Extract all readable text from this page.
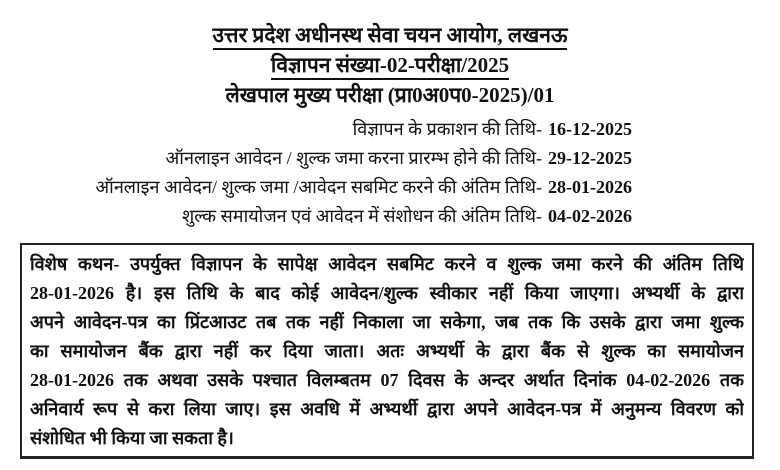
उत्तर प्रदेश अधीनस्थ सेवा चयन आयोग, लखनऊ
विज्ञापन संख्या-02-परीक्षा/2025
लेखपाल मुख्य परीक्षा (प्रा0अ0प0-2025)/01
विज्ञापन के प्रकाशन की तिथि- 16-12-2025
ऑनलाइन आवेदन / शुल्क जमा करना प्रारम्भ होने की तिथि- 29-12-2025
ऑनलाइन आवेदन/ शुल्क जमा /आवेदन सबमिट करने की अंतिम तिथि- 28-01-2026
शुल्क समायोजन एवं आवेदन में संशोधन की अंतिम तिथि- 04-02-2026
विशेष कथन- उपर्युक्त विज्ञापन के सापेक्ष आवेदन सबमिट करने व शुल्क जमा करने की अंतिम तिथि
28-01-2026 है। इस तिथि के बाद कोई आवेदन/शुल्क स्वीकार नहीं किया जाएगा। अभ्यर्थी के द्वारा
अपने आवेदन-पत्र का प्रिंटआउट तब तक नहीं निकाला जा सकेगा, जब तक कि उसके द्वारा जमा शुल्क
का समायोजन बैंक द्वारा नहीं कर दिया जाता। अतः अभ्यर्थी के द्वारा बैंक से शुल्क का समायोजन
28-01-2026 तक अथवा उसके पश्चात विलम्बतम 07 दिवस के अन्दर अर्थात दिनांक 04-02-2026 तक
अनिवार्य रूप से करा लिया जाए। इस अवधि में अभ्यर्थी द्वारा अपने आवेदन-पत्र में अनुमन्य विवरण को
संशोधित भी किया जा सकता है।
